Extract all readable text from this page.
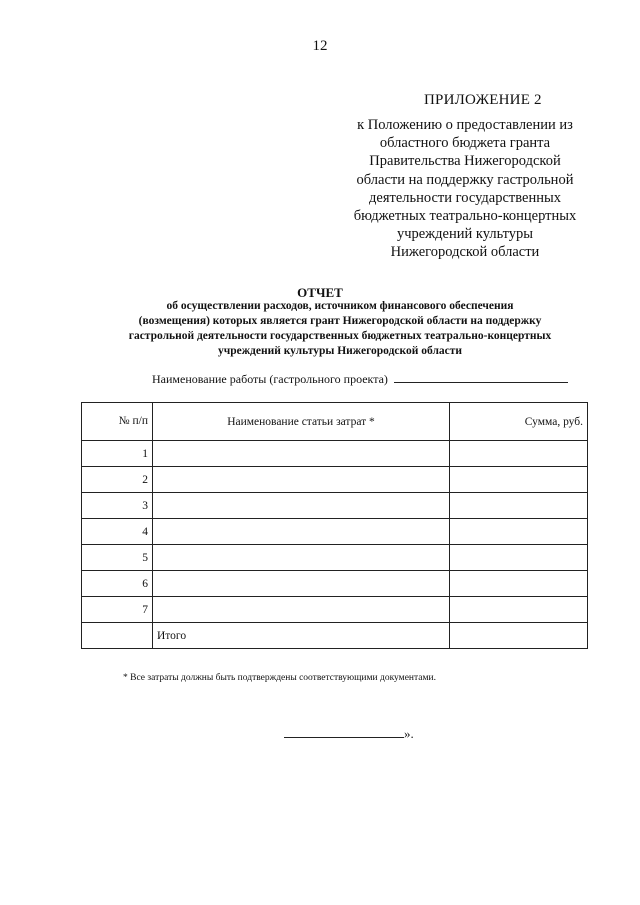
12
ПРИЛОЖЕНИЕ 2
к Положению о предоставлении из
областного бюджета гранта
Правительства Нижегородской
области на поддержку гастрольной
деятельности государственных
бюджетных театрально-концертных
учреждений культуры
Нижегородской области
ОТЧЕТ
об осуществлении расходов, источником финансового обеспечения
(возмещения) которых является грант Нижегородской области на поддержку
гастрольной деятельности государственных бюджетных театрально-концертных
учреждений культуры Нижегородской области
Наименование работы (гастрольного проекта)
№ п/п	Наименование статьи затрат *	Сумма, руб.
1		
2		
3		
4		
5		
6		
7		
	Итого	
* Все затраты должны быть подтверждены соответствующими документами.
».
